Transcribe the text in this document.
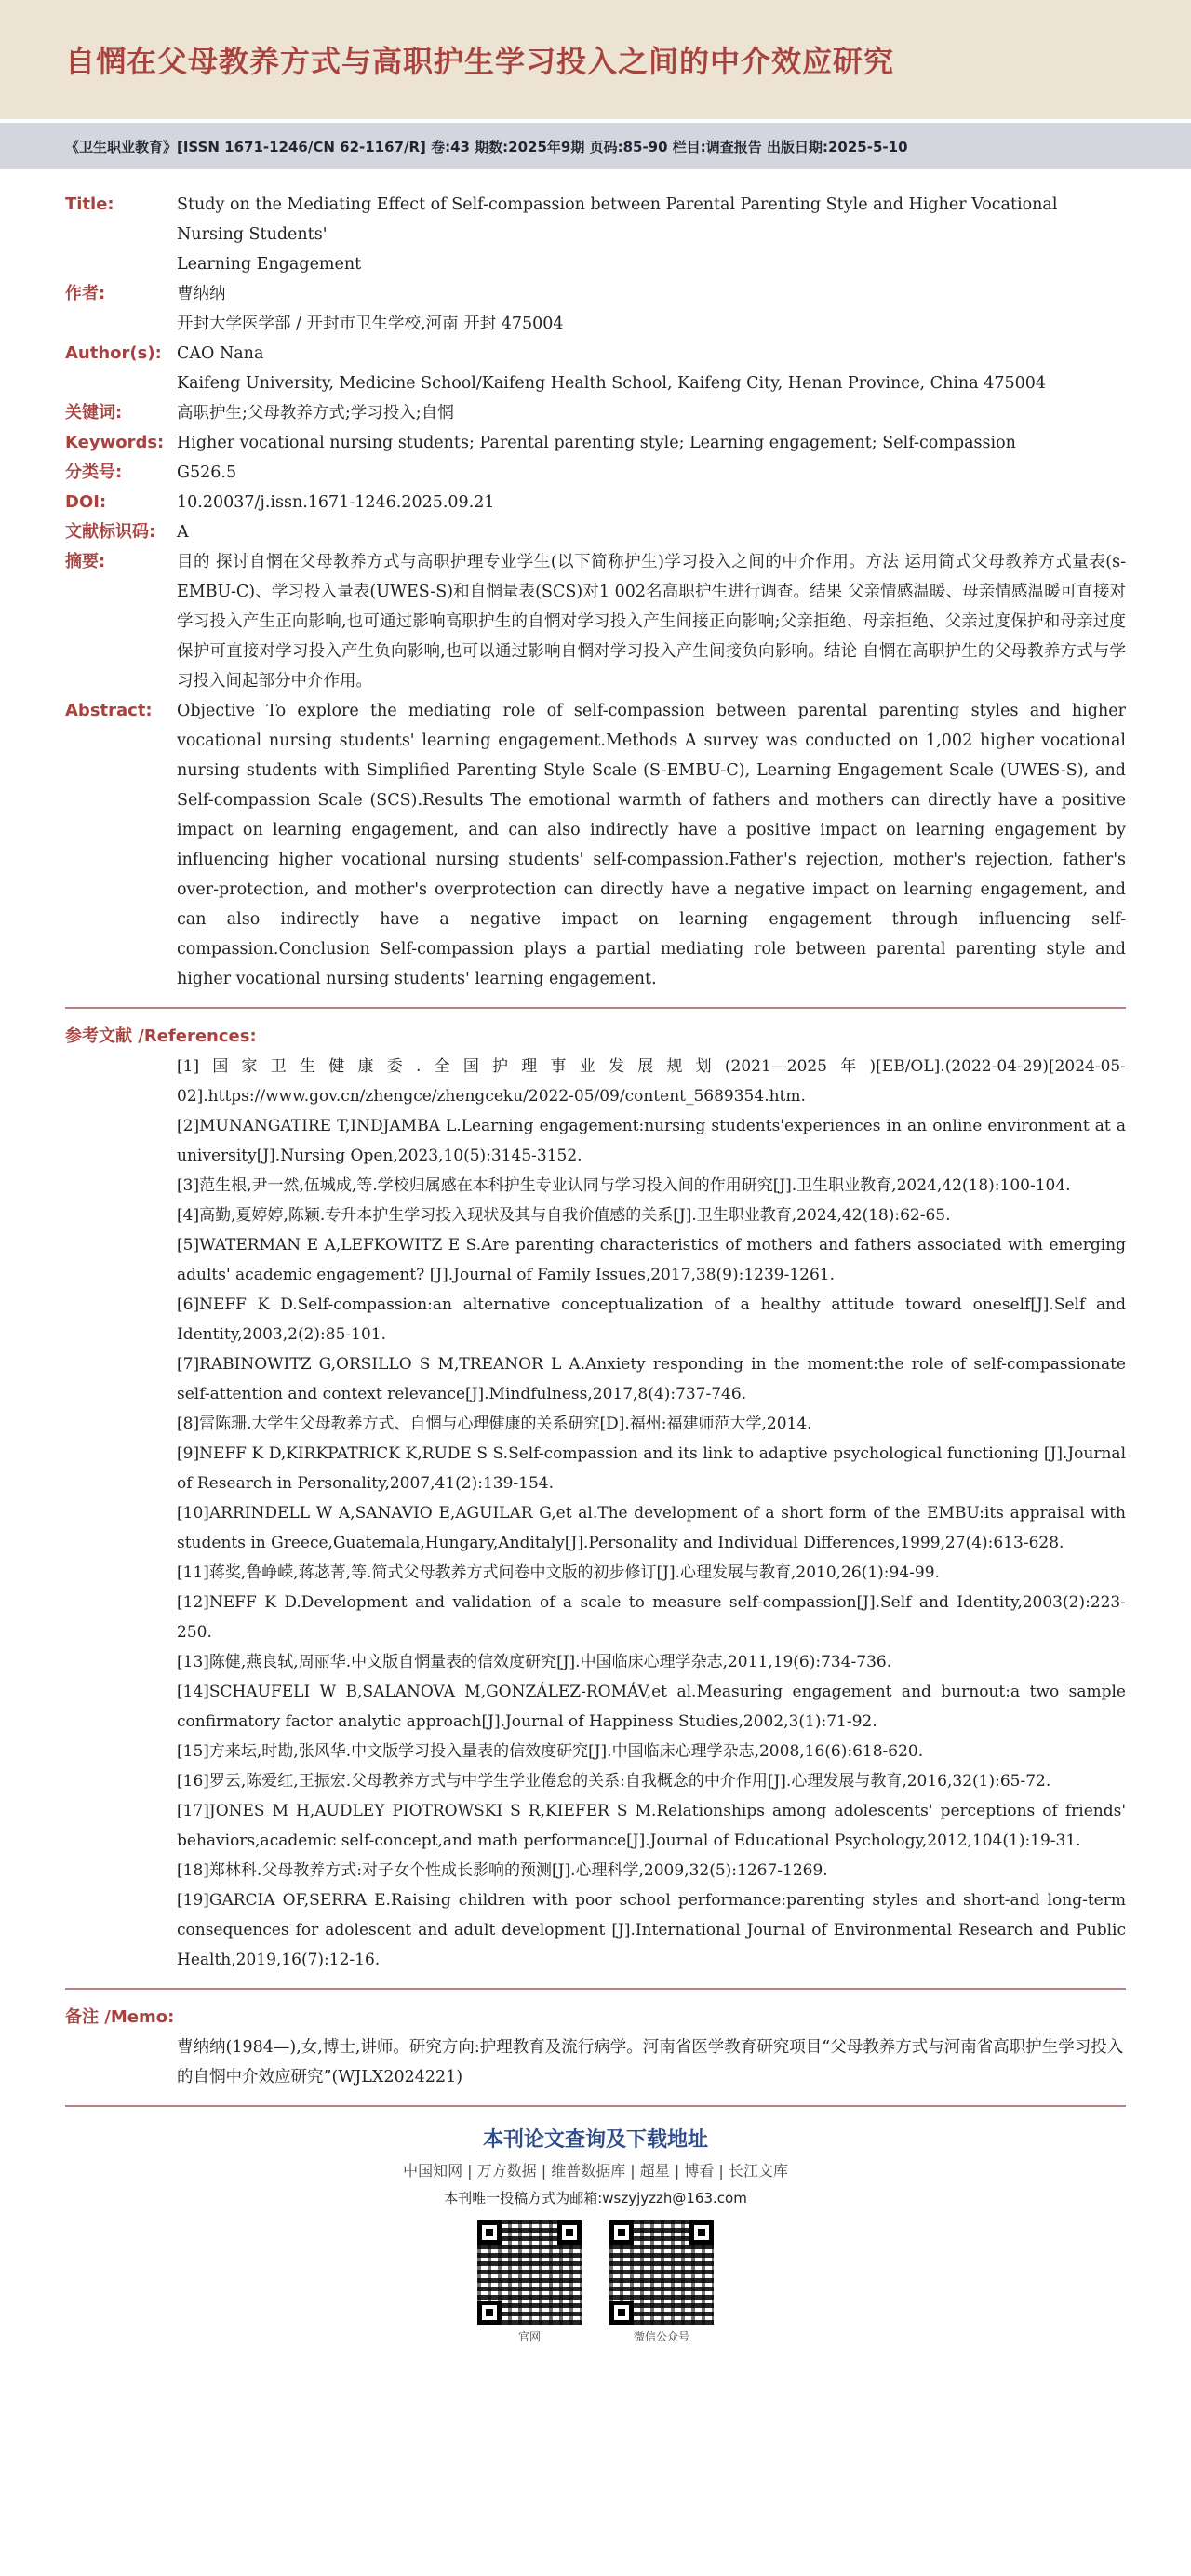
自惘在父母教养方式与高职护生学习投入之间的中介效应研究
《卫生职业教育》[ISSN 1671-1246/CN 62-1167/R] 卷:43 期数:2025年9期 页码:85-90 栏目:调查报告 出版日期:2025-5-10
Title:	Study on the Mediating Effect of Self-compassion between Parental Parenting Style and Higher Vocational Nursing Students'
Learning Engagement
作者:	曹纳纳
开封大学医学部 / 开封市卫生学校,河南 开封 475004
Author(s): CAO Nana
Kaifeng University, Medicine School/Kaifeng Health School, Kaifeng City, Henan Province, China 475004
关键词:	高职护生;父母教养方式;学习投入;自惘
Keywords: Higher vocational nursing students; Parental parenting style; Learning engagement; Self-compassion
分类号:	G526.5
DOI:	10.20037/j.issn.1671-1246.2025.09.21
文献标识码:	A
摘要:	目的 探讨自惘在父母教养方式与高职护理专业学生(以下简称护生)学习投入之间的中介作用。方法 运用简式父母教养方式量表(s-EMBU-C)、学习投入量表(UWES-S)和自惘量表(SCS)对1 002名高职护生进行调查。结果 父亲情感温暖、母亲情感温暖可直接对学习投入产生正向影响,也可通过影响高职护生的自惘对学习投入产生间接正向影响;父亲拒绝、母亲拒绝、父亲过度保护和母亲过度保护可直接对学习投入产生负向影响,也可以通过影响自惘对学习投入产生间接负向影响。结论 自惘在高职护生的父母教养方式与学习投入间起部分中介作用。
Abstract:	Objective To explore the mediating role of self-compassion between parental parenting styles and higher vocational nursing students' learning engagement.Methods A survey was conducted on 1,002 higher vocational nursing students with Simplified Parenting Style Scale (S-EMBU-C), Learning Engagement Scale (UWES-S), and Self-compassion Scale (SCS).Results The emotional warmth of fathers and mothers can directly have a positive impact on learning engagement, and can also indirectly have a positive impact on learning engagement by influencing higher vocational nursing students' self-compassion.Father's rejection, mother's rejection, father's over-protection, and mother's overprotection can directly have a negative impact on learning engagement, and can also indirectly have a negative impact on learning engagement through influencing self-compassion.Conclusion Self-compassion plays a partial mediating role between parental parenting style and higher vocational nursing students' learning engagement.
参考文献 /References:
[1]国家卫生健康委.全国护理事业发展规划(2021—2025年)[EB/OL].(2022-04-29)[2024-05-02].https://www.gov.cn/zhengce/zhengceku/2022-05/09/content_5689354.htm.
[2]MUNANGATIRE T,INDJAMBA L.Learning engagement:nursing students'experiences in an online environment at a university[J].Nursing Open,2023,10(5):3145-3152.
[3]范生根,尹一然,伍城成,等.学校归属感在本科护生专业认同与学习投入间的作用研究[J].卫生职业教育,2024,42(18):100-104.
[4]高勤,夏婷婷,陈颖.专升本护生学习投入现状及其与自我价值感的关系[J].卫生职业教育,2024,42(18):62-65.
[5]WATERMAN E A,LEFKOWITZ E S.Are parenting characteristics of mothers and fathers associated with emerging adults' academic engagement? [J].Journal of Family Issues,2017,38(9):1239-1261.
[6]NEFF K D.Self-compassion:an alternative conceptualization of a healthy attitude toward oneself[J].Self and Identity,2003,2(2):85-101.
[7]RABINOWITZ G,ORSILLO S M,TREANOR L A.Anxiety responding in the moment:the role of self-compassionate self-attention and context relevance[J].Mindfulness,2017,8(4):737-746.
[8]雷陈珊.大学生父母教养方式、自惘与心理健康的关系研究[D].福州:福建师范大学,2014.
[9]NEFF K D,KIRKPATRICK K,RUDE S S.Self-compassion and its link to adaptive psychological functioning [J].Journal of Research in Personality,2007,41(2):139-154.
[10]ARRINDELL W A,SANAVIO E,AGUILAR G,et al.The development of a short form of the EMBU:its appraisal with students in Greece,Guatemala,Hungary,Anditaly[J].Personality and Individual Differences,1999,27(4):613-628.
[11]蒋奖,鲁峥嵘,蒋苾菁,等.简式父母教养方式问卷中文版的初步修订[J].心理发展与教育,2010,26(1):94-99.
[12]NEFF K D.Development and validation of a scale to measure self-compassion[J].Self and Identity,2003(2):223-250.
[13]陈健,燕良轼,周丽华.中文版自惘量表的信效度研究[J].中国临床心理学杂志,2011,19(6):734-736.
[14]SCHAUFELI W B,SALANOVA M,GONZÁLEZ-ROMÁV,et al.Measuring engagement and burnout:a two sample confirmatory factor analytic approach[J].Journal of Happiness Studies,2002,3(1):71-92.
[15]方来坛,时勘,张风华.中文版学习投入量表的信效度研究[J].中国临床心理学杂志,2008,16(6):618-620.
[16]罗云,陈爱红,王振宏.父母教养方式与中学生学业倦怠的关系:自我概念的中介作用[J].心理发展与教育,2016,32(1):65-72.
[17]JONES M H,AUDLEY PIOTROWSKI S R,KIEFER S M.Relationships among adolescents' perceptions of friends' behaviors,academic self-concept,and math performance[J].Journal of Educational Psychology,2012,104(1):19-31.
[18]郑林科.父母教养方式:对子女个性成长影响的预测[J].心理科学,2009,32(5):1267-1269.
[19]GARCIA OF,SERRA E.Raising children with poor school performance:parenting styles and short-and long-term consequences for adolescent and adult development [J].International Journal of Environmental Research and Public Health,2019,16(7):12-16.
备注 /Memo:
曹纳纳(1984—),女,博士,讲师。研究方向:护理教育及流行病学。河南省医学教育研究项目“父母教养方式与河南省高职护生学习投入的自惘中介效应研究”(WJLX2024221)
本刊论文查询及下载地址
中国知网 | 万方数据 | 维普数据库 | 超星 | 博看 | 长江文库
本刊唯一投稿方式为邮箱:wszyjyzzh@163.com
官网	微信公众号
